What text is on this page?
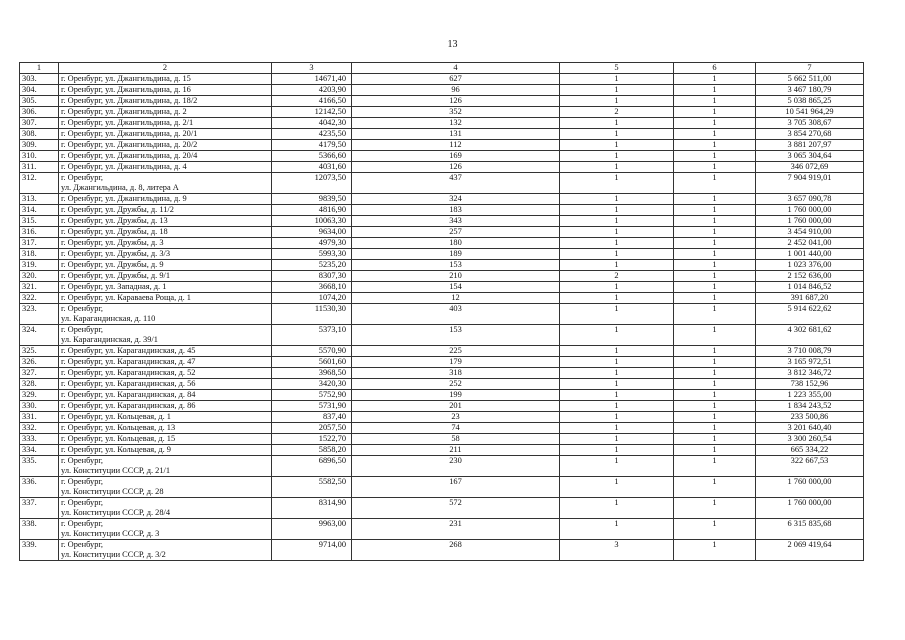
13
1	2	3	4	5	6	7
303.	г. Оренбург, ул. Джангильдина, д. 15	14671,40	627	1	1	5 662 511,00
304.	г. Оренбург, ул. Джангильдина, д. 16	4203,90	96	1	1	3 467 180,79
305.	г. Оренбург, ул. Джангильдина, д. 18/2	4166,50	126	1	1	5 038 865,25
306.	г. Оренбург, ул. Джангильдина, д. 2	12142,50	352	2	1	10 541 964,29
307.	г. Оренбург, ул. Джангильдина, д. 2/1	4042,30	132	1	1	3 705 308,67
308.	г. Оренбург, ул. Джангильдина, д. 20/1	4235,50	131	1	1	3 854 270,68
309.	г. Оренбург, ул. Джангильдина, д. 20/2	4179,50	112	1	1	3 881 207,97
310.	г. Оренбург, ул. Джангильдина, д. 20/4	5366,60	169	1	1	3 065 304,64
311.	г. Оренбург, ул. Джангильдина, д. 4	4031,60	126	1	1	346 072,69
312.	г. Оренбург,
ул. Джангильдина, д. 8, литера А	12073,50	437	1	1	7 904 919,01
313.	г. Оренбург, ул. Джангильдина, д. 9	9839,50	324	1	1	3 657 090,78
314.	г. Оренбург, ул. Дружбы, д. 11/2	4816,90	183	1	1	1 760 000,00
315.	г. Оренбург, ул. Дружбы, д. 13	10063,30	343	1	1	1 760 000,00
316.	г. Оренбург, ул. Дружбы, д. 18	9634,00	257	1	1	3 454 910,00
317.	г. Оренбург, ул. Дружбы, д. 3	4979,30	180	1	1	2 452 041,00
318.	г. Оренбург, ул. Дружбы, д. 3/3	5993,30	189	1	1	1 001 440,00
319.	г. Оренбург, ул. Дружбы, д. 9	5235,20	153	1	1	1 023 376,00
320.	г. Оренбург, ул. Дружбы, д. 9/1	8307,30	210	2	1	2 152 636,00
321.	г. Оренбург, ул. Западная, д. 1	3668,10	154	1	1	1 014 846,52
322.	г. Оренбург, ул. Караваева Роща, д. 1	1074,20	12	1	1	391 687,20
323.	г. Оренбург,
ул. Карагандинская, д. 110	11530,30	403	1	1	5 914 622,62
324.	г. Оренбург,
ул. Карагандинская, д. 39/1	5373,10	153	1	1	4 302 681,62
325.	г. Оренбург, ул. Карагандинская, д. 45	5570,90	225	1	1	3 710 008,79
326.	г. Оренбург, ул. Карагандинская, д. 47	5601,60	179	1	1	3 165 972,51
327.	г. Оренбург, ул. Карагандинская, д. 52	3968,50	318	1	1	3 812 346,72
328.	г. Оренбург, ул. Карагандинская, д. 56	3420,30	252	1	1	738 152,96
329.	г. Оренбург, ул. Карагандинская, д. 84	5752,90	199	1	1	1 223 355,00
330.	г. Оренбург, ул. Карагандинская, д. 86	5731,90	201	1	1	1 834 243,52
331.	г. Оренбург, ул. Кольцевая, д. 1	837,40	23	1	1	233 500,86
332.	г. Оренбург, ул. Кольцевая, д. 13	2057,50	74	1	1	3 201 640,40
333.	г. Оренбург, ул. Кольцевая, д. 15	1522,70	58	1	1	3 300 260,54
334.	г. Оренбург, ул. Кольцевая, д. 9	5858,20	211	1	1	665 334,22
335.	г. Оренбург,
ул. Конституции СССР, д. 21/1	6896,50	230	1	1	322 667,53
336.	г. Оренбург,
ул. Конституции СССР, д. 28	5582,50	167	1	1	1 760 000,00
337.	г. Оренбург,
ул. Конституции СССР, д. 28/4	8314,90	572	1	1	1 760 000,00
338.	г. Оренбург,
ул. Конституции СССР, д. 3	9963,00	231	1	1	6 315 835,68
339.	г. Оренбург,
ул. Конституции СССР, д. 3/2	9714,00	268	3	1	2 069 419,64
